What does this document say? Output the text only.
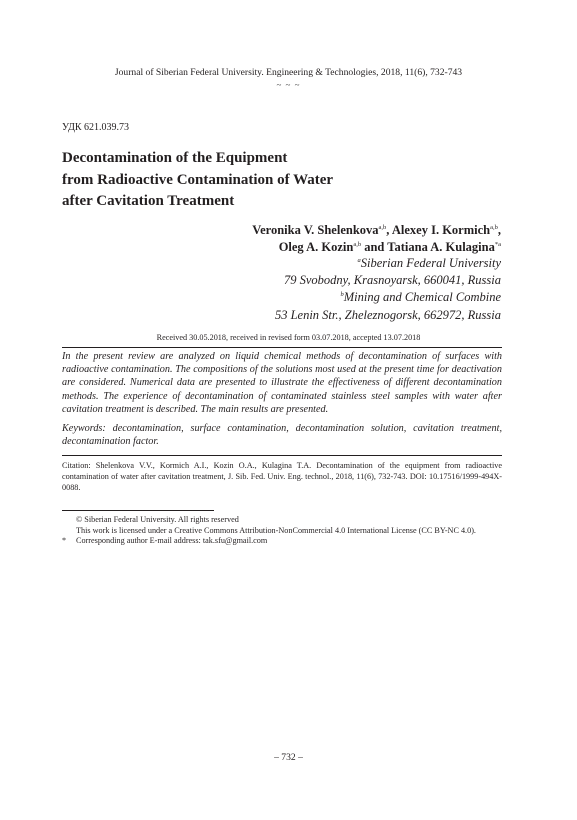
Journal of Siberian Federal University. Engineering & Technologies, 2018, 11(6), 732-743
~ ~ ~
УДК 621.039.73
Decontamination of the Equipment
from Radioactive Contamination of Water
after Cavitation Treatment
Veronika V. Shelenkova$^{a,b}$, Alexey I. Kormich$^{a,b}$,
Oleg A. Kozin$^{a,b}$ and Tatiana A. Kulagina$^{*a}$
$^a$Siberian Federal University
79 Svobodny, Krasnoyarsk, 660041, Russia
$^b$Mining and Chemical Combine
53 Lenin Str., Zheleznogorsk, 662972, Russia
Received 30.05.2018, received in revised form 03.07.2018, accepted 13.07.2018
In the present review are analyzed on liquid chemical methods of decontamination of surfaces with radioactive contamination. The compositions of the solutions most used at the present time for deactivation are considered. Numerical data are presented to illustrate the effectiveness of different decontamination methods. The experience of decontamination of contaminated stainless steel samples with water after cavitation treatment is described. The main results are presented.
Keywords: decontamination, surface contamination, decontamination solution, cavitation treatment, decontamination factor.
Citation: Shelenkova V.V., Kormich A.I., Kozin O.A., Kulagina T.A. Decontamination of the equipment from radioactive contamination of water after cavitation treatment, J. Sib. Fed. Univ. Eng. technol., 2018, 11(6), 732-743. DOI: 10.17516/1999-494X-0088.
© Siberian Federal University. All rights reserved
This work is licensed under a Creative Commons Attribution-NonCommercial 4.0 International License (CC BY-NC 4.0).
* Corresponding author E-mail address: tak.sfu@gmail.com
– 732 –
